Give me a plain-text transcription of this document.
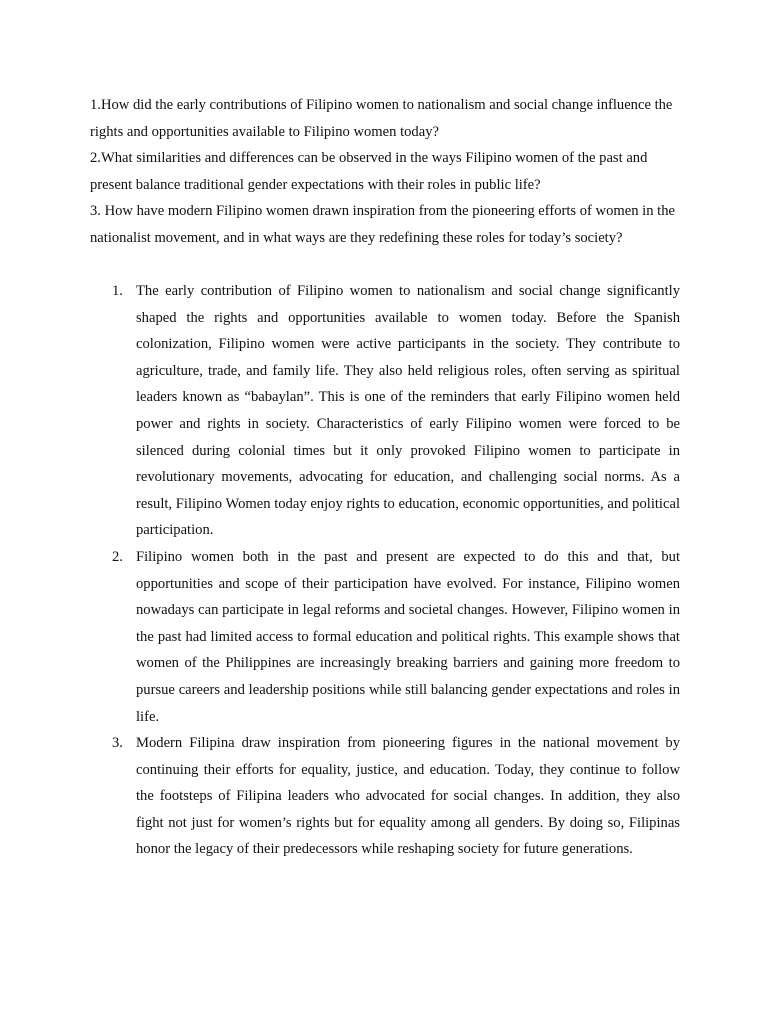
1.How did the early contributions of Filipino women to nationalism and social change influence the rights and opportunities available to Filipino women today?

2.What similarities and differences can be observed in the ways Filipino women of the past and present balance traditional gender expectations with their roles in public life?

3. How have modern Filipino women drawn inspiration from the pioneering efforts of women in the nationalist movement, and in what ways are they redefining these roles for today’s society?

1. The early contribution of Filipino women to nationalism and social change significantly shaped the rights and opportunities available to women today. Before the Spanish colonization, Filipino women were active participants in the society. They contribute to agriculture, trade, and family life. They also held religious roles, often serving as spiritual leaders known as “babaylan”. This is one of the reminders that early Filipino women held power and rights in society. Characteristics of early Filipino women were forced to be silenced during colonial times but it only provoked Filipino women to participate in revolutionary movements, advocating for education, and challenging social norms. As a result, Filipino Women today enjoy rights to education, economic opportunities, and political participation.
2. Filipino women both in the past and present are expected to do this and that, but opportunities and scope of their participation have evolved. For instance, Filipino women nowadays can participate in legal reforms and societal changes. However, Filipino women in the past had limited access to formal education and political rights. This example shows that women of the Philippines are increasingly breaking barriers and gaining more freedom to pursue careers and leadership positions while still balancing gender expectations and roles in life.
3. Modern Filipina draw inspiration from pioneering figures in the national movement by continuing their efforts for equality, justice, and education. Today, they continue to follow the footsteps of Filipina leaders who advocated for social changes. In addition, they also fight not just for women’s rights but for equality among all genders. By doing so, Filipinas honor the legacy of their predecessors while reshaping society for future generations.
